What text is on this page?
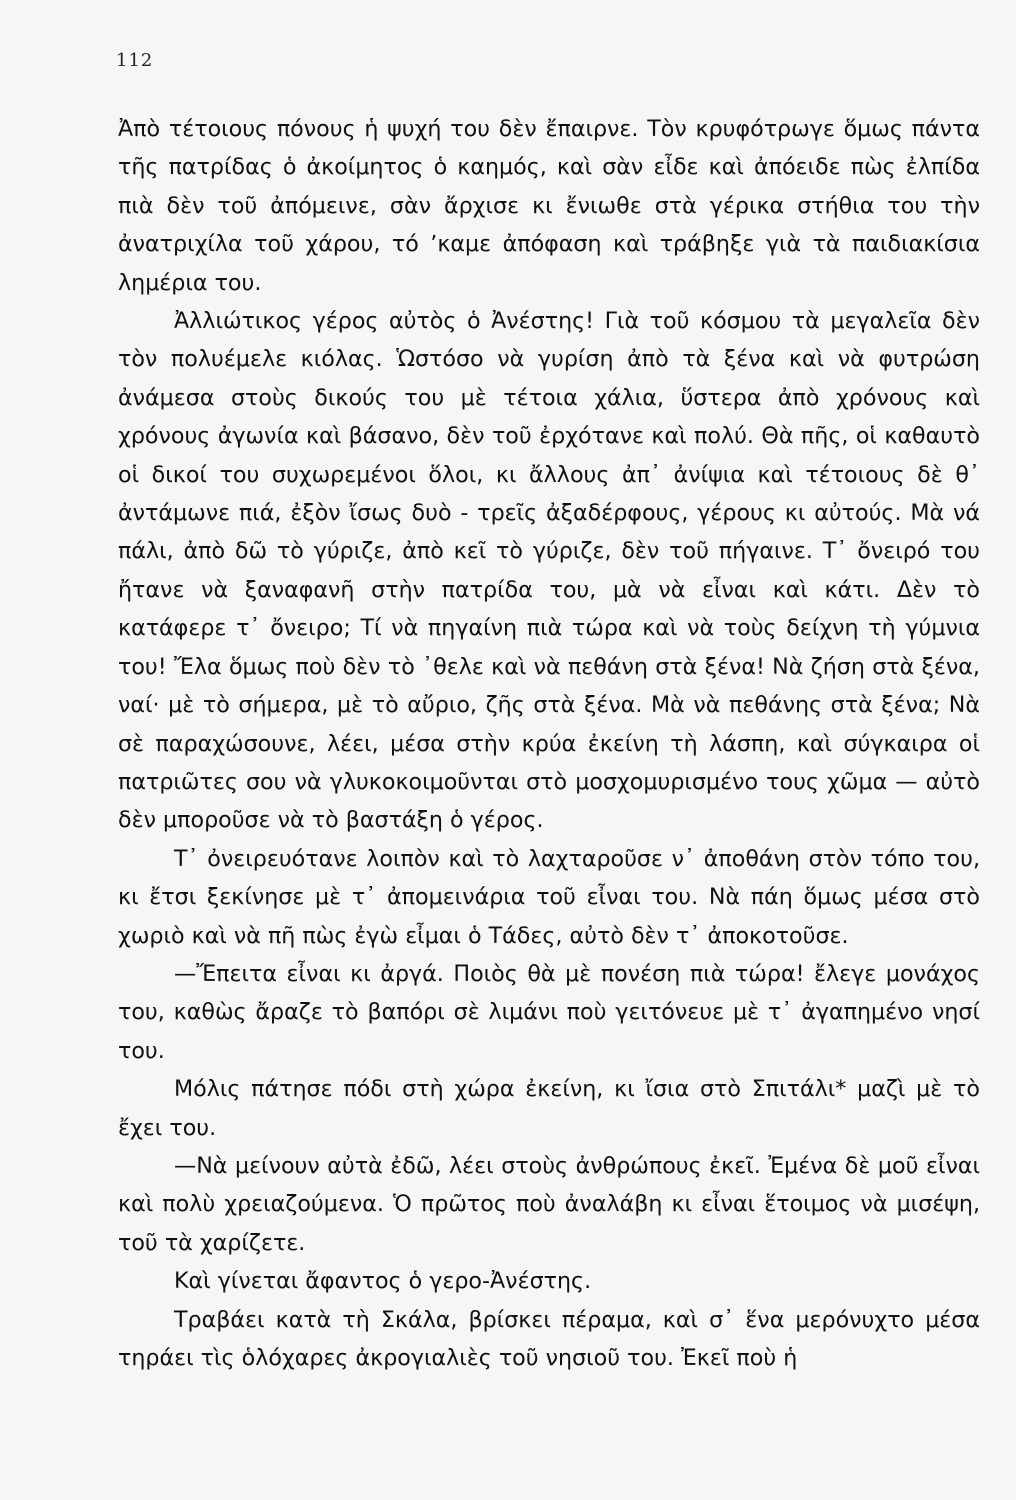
112

Ἀπὸ τέτοιους πόνους ἡ ψυχή του δὲν ἔπαιρνε. Τὸν κρυφότρωγε ὅμως πάντα τῆς πατρίδας ὁ ἀκοίμητος ὁ καημός, καὶ σὰν εἶδε καὶ ἀπόειδε πὼς ἐλπίδα πιὰ δὲν τοῦ ἀπόμεινε, σὰν ἄρχισε κι ἔνιωθε στὰ γέρικα στήθια του τὴν ἀνατριχίλα τοῦ χάρου, τό ʼκαμε ἀπόφαση καὶ τράβηξε γιὰ τὰ παιδιακίσια λημέρια του.

Ἀλλιώτικος γέρος αὐτὸς ὁ Ἀνέστης! Γιὰ τοῦ κόσμου τὰ μεγαλεῖα δὲν τὸν πολυέμελε κιόλας. Ὡστόσο νὰ γυρίση ἀπὸ τὰ ξένα καὶ νὰ φυτρώση ἀνάμεσα στοὺς δικούς του μὲ τέτοια χάλια, ὕστερα ἀπὸ χρόνους καὶ χρόνους ἀγωνία καὶ βάσανο, δὲν τοῦ ἐρχότανε καὶ πολύ. Θὰ πῆς, οἱ καθαυτὸ οἱ δικοί του συχωρεμένοι ὅλοι, κι ἄλλους ἀπ᾽ ἀνίψια καὶ τέτοιους δὲ θ᾽ ἀντάμωνε πιά, ἐξὸν ἴσως δυὸ - τρεῖς ἀξαδέρφους, γέρους κι αὐτούς. Μὰ νά πάλι, ἀπὸ δῶ τὸ γύριζε, ἀπὸ κεῖ τὸ γύριζε, δὲν τοῦ πήγαινε. Τ᾽ ὄνειρό του ἤτανε νὰ ξαναφανῆ στὴν πατρίδα του, μὰ νὰ εἶναι καὶ κάτι. Δὲν τὸ κατάφερε τ᾽ ὄνειρο; Τί νὰ πηγαίνη πιὰ τώρα καὶ νὰ τοὺς δείχνη τὴ γύμνια του! Ἔλα ὅμως ποὺ δὲν τὸ ᾽θελε καὶ νὰ πεθάνη στὰ ξένα! Νὰ ζήση στὰ ξένα, ναί· μὲ τὸ σήμερα, μὲ τὸ αὔριο, ζῆς στὰ ξένα. Μὰ νὰ πεθάνης στὰ ξένα; Νὰ σὲ παραχώσουνε, λέει, μέσα στὴν κρύα ἐκείνη τὴ λάσπη, καὶ σύγκαιρα οἱ πατριῶτες σου νὰ γλυκοκοιμοῦνται στὸ μοσχομυρισμένο τους χῶμα — αὐτὸ δὲν μποροῦσε νὰ τὸ βαστάξη ὁ γέρος.

Τ᾽ ὀνειρευότανε λοιπὸν καὶ τὸ λαχταροῦσε ν᾽ ἀποθάνη στὸν τόπο του, κι ἔτσι ξεκίνησε μὲ τ᾽ ἀπομεινάρια τοῦ εἶναι του. Νὰ πάη ὅμως μέσα στὸ χωριὸ καὶ νὰ πῆ πὼς ἐγὼ εἶμαι ὁ Τάδες, αὐτὸ δὲν τ᾽ ἀποκοτοῦσε.

—Ἔπειτα εἶναι κι ἀργά. Ποιὸς θὰ μὲ πονέση πιὰ τώρα! ἔλεγε μονάχος του, καθὼς ἄραζε τὸ βαπόρι σὲ λιμάνι ποὺ γειτόνευε μὲ τ᾽ ἀγαπημένο νησί του.

Μόλις πάτησε πόδι στὴ χώρα ἐκείνη, κι ἴσια στὸ Σπιτάλι* μαζὶ μὲ τὸ ἔχει του.

—Νὰ μείνουν αὐτὰ ἐδῶ, λέει στοὺς ἀνθρώπους ἐκεῖ. Ἐμένα δὲ μοῦ εἶναι καὶ πολὺ χρειαζούμενα. Ὁ πρῶτος ποὺ ἀναλάβη κι εἶναι ἕτοιμος νὰ μισέψη, τοῦ τὰ χαρίζετε.

Καὶ γίνεται ἄφαντος ὁ γερο-Ἀνέστης.

Τραβάει κατὰ τὴ Σκάλα, βρίσκει πέραμα, καὶ σ᾽ ἕνα μερόνυχτο μέσα τηράει τὶς ὁλόχαρες ἀκρογιαλιὲς τοῦ νησιοῦ του. Ἐκεῖ ποὺ ἡ
